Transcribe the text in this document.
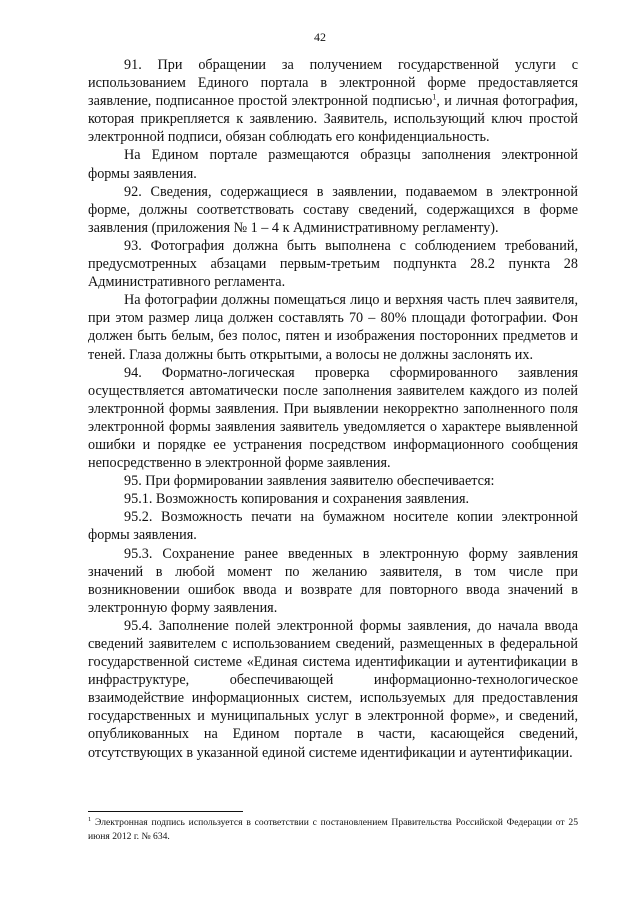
42

91. При обращении за получением государственной услуги с использованием Единого портала в электронной форме предоставляется заявление, подписанное простой электронной подписью$^1$, и личная фотография, которая прикрепляется к заявлению. Заявитель, использующий ключ простой электронной подписи, обязан соблюдать его конфиденциальность.

На Едином портале размещаются образцы заполнения электронной формы заявления.

92. Сведения, содержащиеся в заявлении, подаваемом в электронной форме, должны соответствовать составу сведений, содержащихся в форме заявления (приложения № 1 – 4 к Административному регламенту).

93. Фотография должна быть выполнена с соблюдением требований, предусмотренных абзацами первым-третьим подпункта 28.2 пункта 28 Административного регламента.

На фотографии должны помещаться лицо и верхняя часть плеч заявителя, при этом размер лица должен составлять 70 – 80% площади фотографии. Фон должен быть белым, без полос, пятен и изображения посторонних предметов и теней. Глаза должны быть открытыми, а волосы не должны заслонять их.

94. Форматно-логическая проверка сформированного заявления осуществляется автоматически после заполнения заявителем каждого из полей электронной формы заявления. При выявлении некорректно заполненного поля электронной формы заявления заявитель уведомляется о характере выявленной ошибки и порядке ее устранения посредством информационного сообщения непосредственно в электронной форме заявления.

95. При формировании заявления заявителю обеспечивается:

95.1. Возможность копирования и сохранения заявления.

95.2. Возможность печати на бумажном носителе копии электронной формы заявления.

95.3. Сохранение ранее введенных в электронную форму заявления значений в любой момент по желанию заявителя, в том числе при возникновении ошибок ввода и возврате для повторного ввода значений в электронную форму заявления.

95.4. Заполнение полей электронной формы заявления, до начала ввода сведений заявителем с использованием сведений, размещенных в федеральной государственной системе «Единая система идентификации и аутентификации в инфраструктуре, обеспечивающей информационно-технологическое взаимодействие информационных систем, используемых для предоставления государственных и муниципальных услуг в электронной форме», и сведений, опубликованных на Едином портале в части, касающейся сведений, отсутствующих в указанной единой системе идентификации и аутентификации.

$^1$ Электронная подпись используется в соответствии с постановлением Правительства Российской Федерации от 25 июня 2012 г. № 634.
